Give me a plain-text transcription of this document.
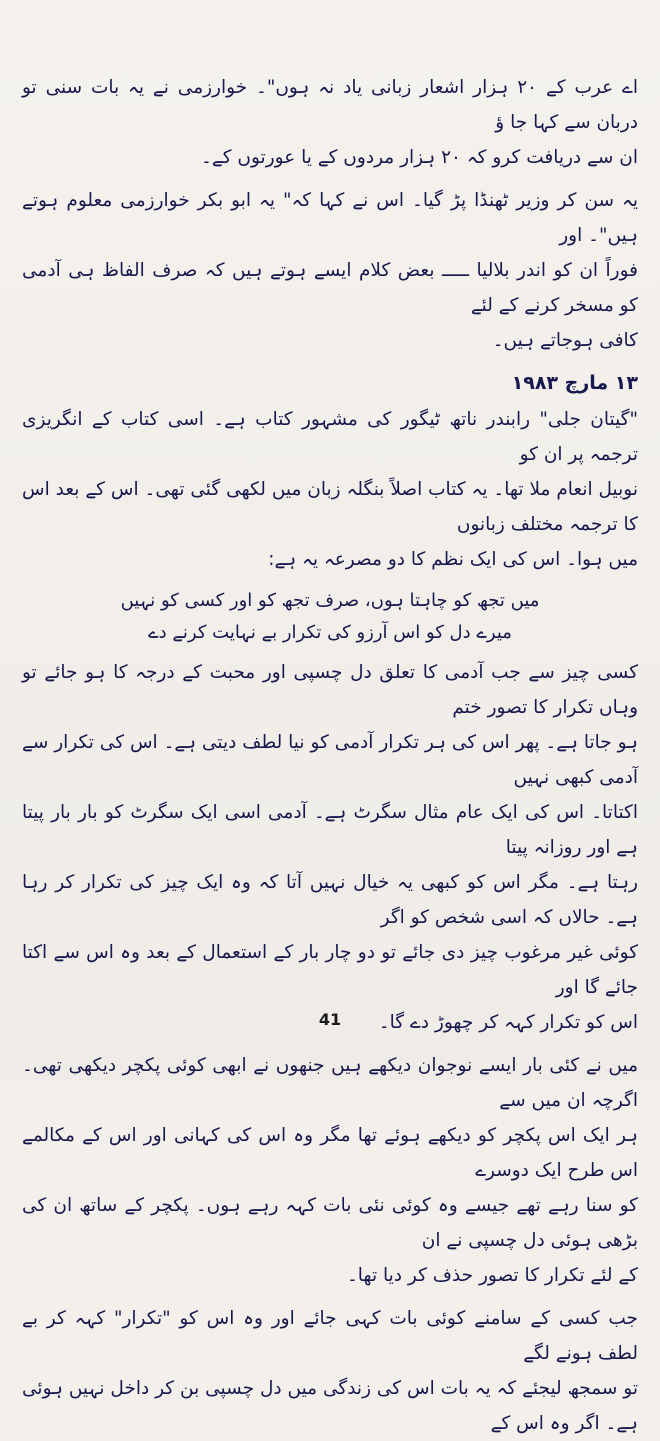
اے عرب کے ۲۰ ہزار اشعار زبانی یاد نہ ہوں"۔ خوارزمی نے یہ بات سنی تو دربان سے کہا جا ؤ
ان سے دریافت کرو کہ ۲۰ ہزار مردوں کے یا عورتوں کے۔

یہ سن کر وزیر ٹھنڈا پڑ گیا۔ اس نے کہا کہ" یہ ابو بکر خوارزمی معلوم ہوتے ہیں"۔ اور
فوراً ان کو اندر بلالیا ـــــ بعض کلام ایسے ہوتے ہیں کہ صرف الفاظ ہی آدمی کو مسخر کرنے کے لئے
کافی ہوجاتے ہیں۔

۱۳ مارچ ۱۹۸۳

"گیتان جلی" رابندر ناتھ ٹیگور کی مشہور کتاب ہے۔ اسی کتاب کے انگریزی ترجمہ پر ان کو
نوبیل انعام ملا تھا۔ یہ کتاب اصلاً بنگلہ زبان میں لکھی گئی تھی۔ اس کے بعد اس کا ترجمہ مختلف زبانوں
میں ہوا۔ اس کی ایک نظم کا دو مصرعہ یہ ہے:

میں تجھ کو چاہتا ہوں، صرف تجھ کو اور کسی کو نہیں

میرے دل کو اس آرزو کی تکرار بے نہایت کرنے دے

کسی چیز سے جب آدمی کا تعلق دل چسپی اور محبت کے درجہ کا ہو جائے تو وہاں تکرار کا تصور ختم
ہو جاتا ہے۔ پھر اس کی ہر تکرار آدمی کو نیا لطف دیتی ہے۔ اس کی تکرار سے آدمی کبھی نہیں
اکتاتا۔ اس کی ایک عام مثال سگرٹ ہے۔ آدمی اسی ایک سگرٹ کو بار بار پیتا ہے اور روزانہ پیتا
رہتا ہے۔ مگر اس کو کبھی یہ خیال نہیں آتا کہ وہ ایک چیز کی تکرار کر رہا ہے۔ حالاں کہ اسی شخص کو اگر
کوئی غیر مرغوب چیز دی جائے تو دو چار بار کے استعمال کے بعد وہ اس سے اکتا جائے گا اور
اس کو تکرار کہہ کر چھوڑ دے گا۔

میں نے کئی بار ایسے نوجوان دیکھے ہیں جنھوں نے ابھی کوئی پکچر دیکھی تھی۔ اگرچہ ان میں سے
ہر ایک اس پکچر کو دیکھے ہوئے تھا مگر وہ اس کی کہانی اور اس کے مکالمے اس طرح ایک دوسرے
کو سنا رہے تھے جیسے وہ کوئی نئی بات کہہ رہے ہوں۔ پکچر کے ساتھ ان کی بڑھی ہوئی دل چسپی نے ان
کے لئے تکرار کا تصور حذف کر دیا تھا۔

جب کسی کے سامنے کوئی بات کہی جائے اور وہ اس کو "تکرار" کہہ کر بے لطف ہونے لگے
تو سمجھ لیجئے کہ یہ بات اس کی زندگی میں دل چسپی بن کر داخل نہیں ہوئی ہے۔ اگر وہ اس کے

41
